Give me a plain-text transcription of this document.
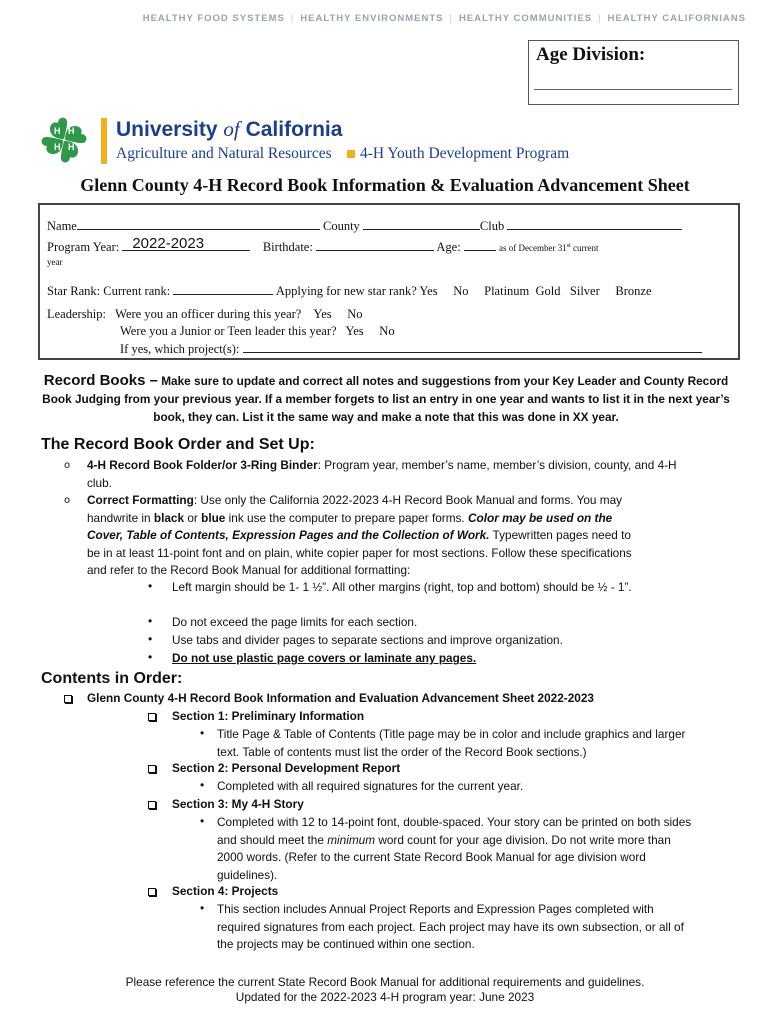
HEALTHY FOOD SYSTEMS | HEALTHY ENVIRONMENTS | HEALTHY COMMUNITIES | HEALTHY CALIFORNIANS
Age Division:
H H
H
H
University of California
Agriculture and Natural Resources	4-H Youth Development Program
Glenn County 4-H Record Book Information & Evaluation Advancement Sheet
Name	County	Club
Program Year: 2022-2023	Birthdate:	Age:	as of December 31st current
year
Star Rank: Current rank:	Applying for new star rank? Yes No Platinum Gold Silver Bronze
Leadership: Were you an officer during this year? Yes No
Were you a Junior or Teen leader this year? Yes No
If yes, which project(s):
Record Books – Make sure to update and correct all notes and suggestions from your Key Leader and County Record Book Judging from your previous year. If a member forgets to list an entry in one year and wants to list it in the next year’s book, they can. List it the same way and make a note that this was done in XX year.
The Record Book Order and Set Up:
o 4-H Record Book Folder/or 3-Ring Binder: Program year, member’s name, member’s division, county, and 4-H club.
o Correct Formatting: Use only the California 2022-2023 4-H Record Book Manual and forms. You may handwrite in black or blue ink use the computer to prepare paper forms. Color may be used on the Cover, Table of Contents, Expression Pages and the Collection of Work. Typewritten pages need to be in at least 11-point font and on plain, white copier paper for most sections. Follow these specifications and refer to the Record Book Manual for additional formatting:
• Left margin should be 1- 1 ½”. All other margins (right, top and bottom) should be ½ - 1”.
• Do not exceed the page limits for each section.
• Use tabs and divider pages to separate sections and improve organization.
• Do not use plastic page covers or laminate any pages.
Contents in Order:
Glenn County 4-H Record Book Information and Evaluation Advancement Sheet 2022-2023
Section 1: Preliminary Information
• Title Page & Table of Contents (Title page may be in color and include graphics and larger text. Table of contents must list the order of the Record Book sections.)
Section 2: Personal Development Report
• Completed with all required signatures for the current year.
Section 3: My 4-H Story
• Completed with 12 to 14-point font, double-spaced. Your story can be printed on both sides and should meet the minimum word count for your age division. Do not write more than 2000 words. (Refer to the current State Record Book Manual for age division word guidelines).
Section 4: Projects
• This section includes Annual Project Reports and Expression Pages completed with required signatures from each project. Each project may have its own subsection, or all of the projects may be continued within one section.
Please reference the current State Record Book Manual for additional requirements and guidelines.
Updated for the 2022-2023 4-H program year: June 2023
